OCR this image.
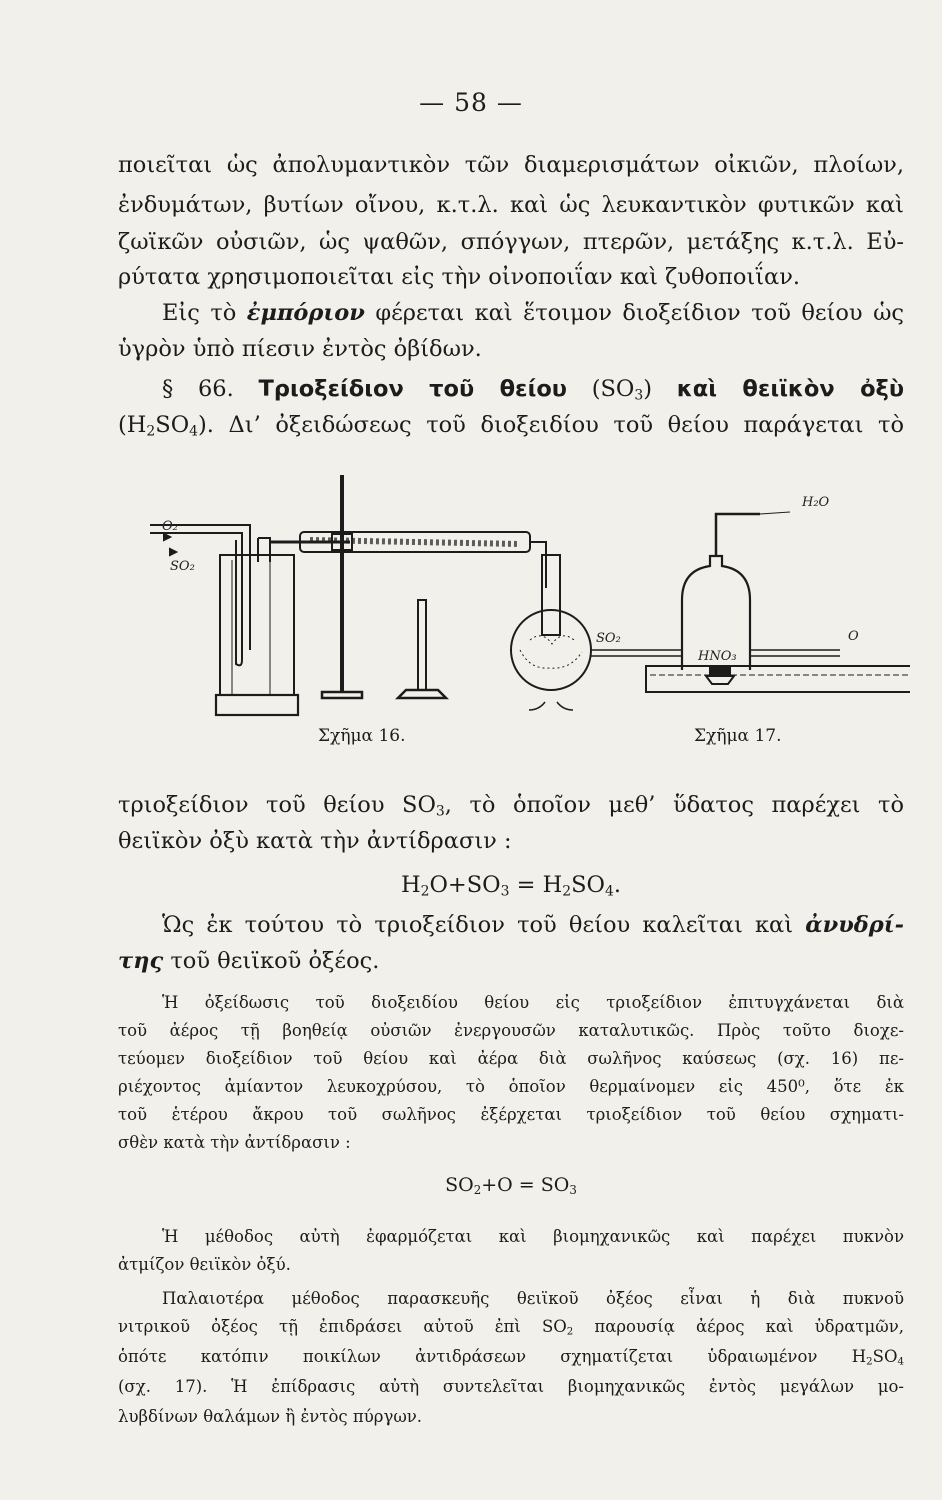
— 58 —
ποιεῖται ὡς ἀπολυμαντικὸν τῶν διαμερισμάτων οἰκιῶν, πλοίων,
ἐνδυμάτων, βυτίων οἴνου, κ.τ.λ. καὶ ὡς λευκαντικὸν φυτικῶν καὶ
ζωϊκῶν οὐσιῶν, ὡς ψαθῶν, σπόγγων, πτερῶν, μετάξης κ.τ.λ. Εὐ-
ρύτατα χρησιμοποιεῖται εἰς τὴν οἰνοποιΐαν καὶ ζυθοποιΐαν.
Εἰς τὸ ἐμπόριον φέρεται καὶ ἕτοιμον διοξείδιον τοῦ θείου ὡς
ὑγρὸν ὑπὸ πίεσιν ἐντὸς ὀβίδων.
§ 66. Τριοξείδιον τοῦ θείου $(SO_3)$ καὶ θειϊκὸν ὀξὺ
$(H_2SO_4)$. Δι’ ὀξειδώσεως τοῦ διοξειδίου τοῦ θείου παράγεται τὸ
O₂
SO₂
H₂O
SO₂
HNO₃
O
Σχῆμα 16.	Σχῆμα 17.
τριοξείδιον τοῦ θείου $SO_3$, τὸ ὁποῖον μεθ’ ὕδατος παρέχει τὸ
θειϊκὸν ὀξὺ κατὰ τὴν ἀντίδρασιν :
$H_2O+SO_3 = H_2SO_4$.
Ὡς ἐκ τούτου τὸ τριοξείδιον τοῦ θείου καλεῖται καὶ ἀνυδρί-
της τοῦ θειϊκοῦ ὀξέος.
Ἡ ὀξείδωσις τοῦ διοξειδίου θείου εἰς τριοξείδιον ἐπιτυγχάνεται διὰ
τοῦ ἀέρος τῇ βοηθείᾳ οὐσιῶν ἐνεργουσῶν καταλυτικῶς. Πρὸς τοῦτο διοχε-
τεύομεν διοξείδιον τοῦ θείου καὶ ἀέρα διὰ σωλῆνος καύσεως (σχ. 16) πε-
ριέχοντος ἀμίαντον λευκοχρύσου, τὸ ὁποῖον θερμαίνομεν εἰς 450⁰, ὅτε ἐκ
τοῦ ἑτέρου ἄκρου τοῦ σωλῆνος ἐξέρχεται τριοξείδιον τοῦ θείου σχηματι-
σθὲν κατὰ τὴν ἀντίδρασιν :
$SO_2+O = SO_3$
Ἡ μέθοδος αὐτὴ ἐφαρμόζεται καὶ βιομηχανικῶς καὶ παρέχει πυκνὸν
ἀτμίζον θειϊκὸν ὀξύ.
Παλαιοτέρα μέθοδος παρασκευῆς θειϊκοῦ ὀξέος εἶναι ἡ διὰ πυκνοῦ
νιτρικοῦ ὀξέος τῇ ἐπιδράσει αὐτοῦ ἐπὶ $SO_2$ παρουσίᾳ ἀέρος καὶ ὑδρατμῶν,
ὁπότε κατόπιν ποικίλων ἀντιδράσεων σχηματίζεται ὑδραιωμένον $H_2SO_4$
(σχ. 17). Ἡ ἐπίδρασις αὐτὴ συντελεῖται βιομηχανικῶς ἐντὸς μεγάλων μο-
λυβδίνων θαλάμων ἢ ἐντὸς πύργων.
